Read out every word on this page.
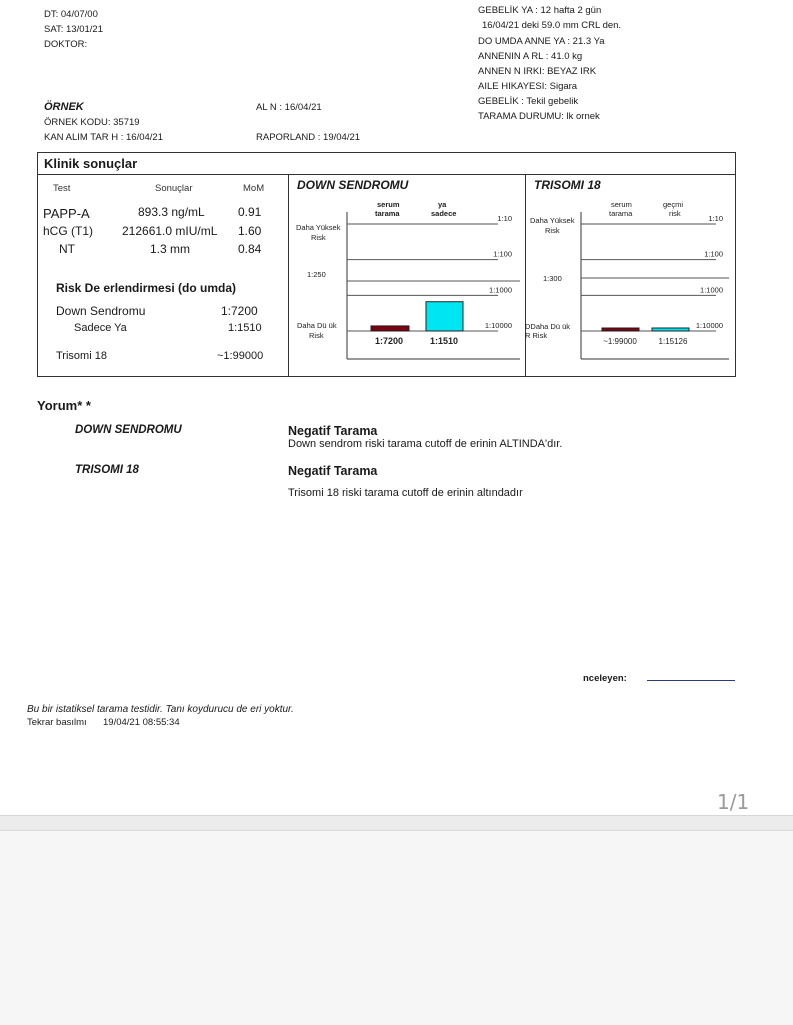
DT: 04/07/00
SAT: 13/01/21
DOKTOR:
GEBELİK YA : 12 hafta 2 gün
16/04/21 deki 59.0 mm CRL den.
DO UMDA ANNE YA : 21.3 Ya
ANNENIN A RL : 41.0 kg
ANNEN N IRKI: BEYAZ IRK
AILE HIKAYESI: Sigara
GEBELİK : Tekil gebelik
TARAMA DURUMU: lk ornek
ÖRNEK	AL N : 16/04/21
ÖRNEK KODU: 35719
KAN ALIM TAR H : 16/04/21	RAPORLAND : 19/04/21
Klinik sonuçlar
Test	Sonuçlar	MoM
PAPP-A	893.3 ng/mL	0.91
hCG (T1) 212661.0 mIU/mL 1.60
NT	1.3 mm	0.84
Risk De erlendirmesi (do umda)
Down Sendromu	1:7200
Sadece Ya	1:1510
Trisomi 18	~1:99000
DOWN SENDROMU
serum
tarama
ya
sadece
Daha Yüksek
Risk
1:250
Daha Dü ük
Risk
1:10
1:100
1:1000
1:10000
1:7200	1:1510
TRISOMI 18
serum
tarama
geçmi
risk
Daha Yüksek
Risk
1:300
DDaha Dü ük
R Risk
1:10
1:100
1:1000
1:10000
~1:99000	1:15126
Yorum* *
DOWN SENDROMU	Negatif Tarama
Down sendrom riski tarama cutoff de erinin ALTINDA'dır.
TRISOMI 18	Negatif Tarama
Trisomi 18 riski tarama cutoff de erinin altındadır
nceleyen:
Bu bir istatiksel tarama testidir. Tanı koydurucu de eri yoktur.
Tekrar basılmı 19/04/21 08:55:34
1/1
